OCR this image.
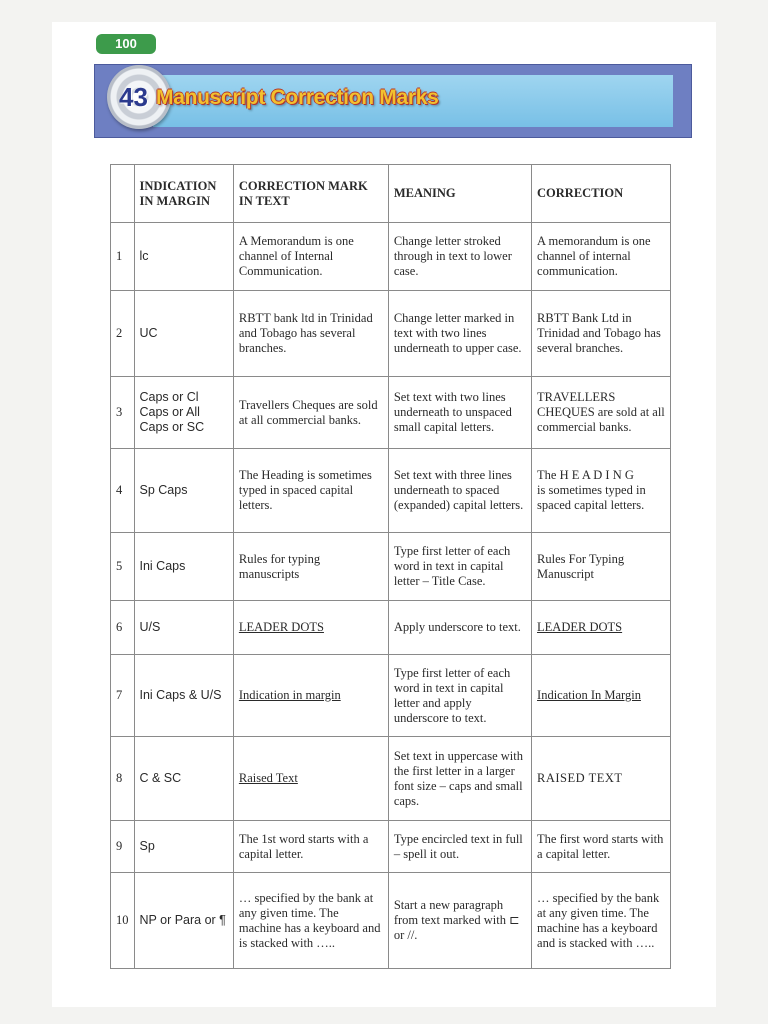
100
43 Manuscript Correction Marks
	INDICATION IN MARGIN	CORRECTION MARK IN TEXT	MEANING	CORRECTION
1	lc	A Memorandum is one channel of Internal Communication.	Change letter stroked through in text to lower case.	A memorandum is one channel of internal communication.
2	UC	RBTT bank ltd in Trinidad and Tobago has several branches.	Change letter marked in text with two lines underneath to upper case.	RBTT Bank Ltd in Trinidad and Tobago has several branches.
3	Caps or Cl Caps or All Caps or SC	Travellers Cheques are sold at all commercial banks.	Set text with two lines underneath to unspaced small capital letters.	TRAVELLERS CHEQUES are sold at all commercial banks.
4	Sp Caps	The Heading is sometimes typed in spaced capital letters.	Set text with three lines underneath to spaced (expanded) capital letters.	The H E A D I N G
is sometimes typed in spaced capital letters.

5	Ini Caps	Rules for typing manuscripts	Type first letter of each word in text in capital letter – Title Case.	Rules For Typing Manuscript
6	U/S	LEADER DOTS	Apply underscore to text.	LEADER DOTS
7	Ini Caps & U/S	Indication in margin	Type first letter of each word in text in capital letter and apply underscore to text.	Indication In Margin
8	C & SC	Raised Text	Set text in uppercase with the first letter in a larger font size – caps and small caps.	RAISED TEXT
9	Sp	The 1st word starts with a capital letter.	Type encircled text in full – spell it out.	The first word starts with a capital letter.
10	NP or Para or ¶	… specified by the bank at any given time. The machine has a keyboard and is stacked with …..	Start a new paragraph from text marked with ⊏ or //.	… specified by the bank at any given time. The machine has a keyboard and is stacked with …..
